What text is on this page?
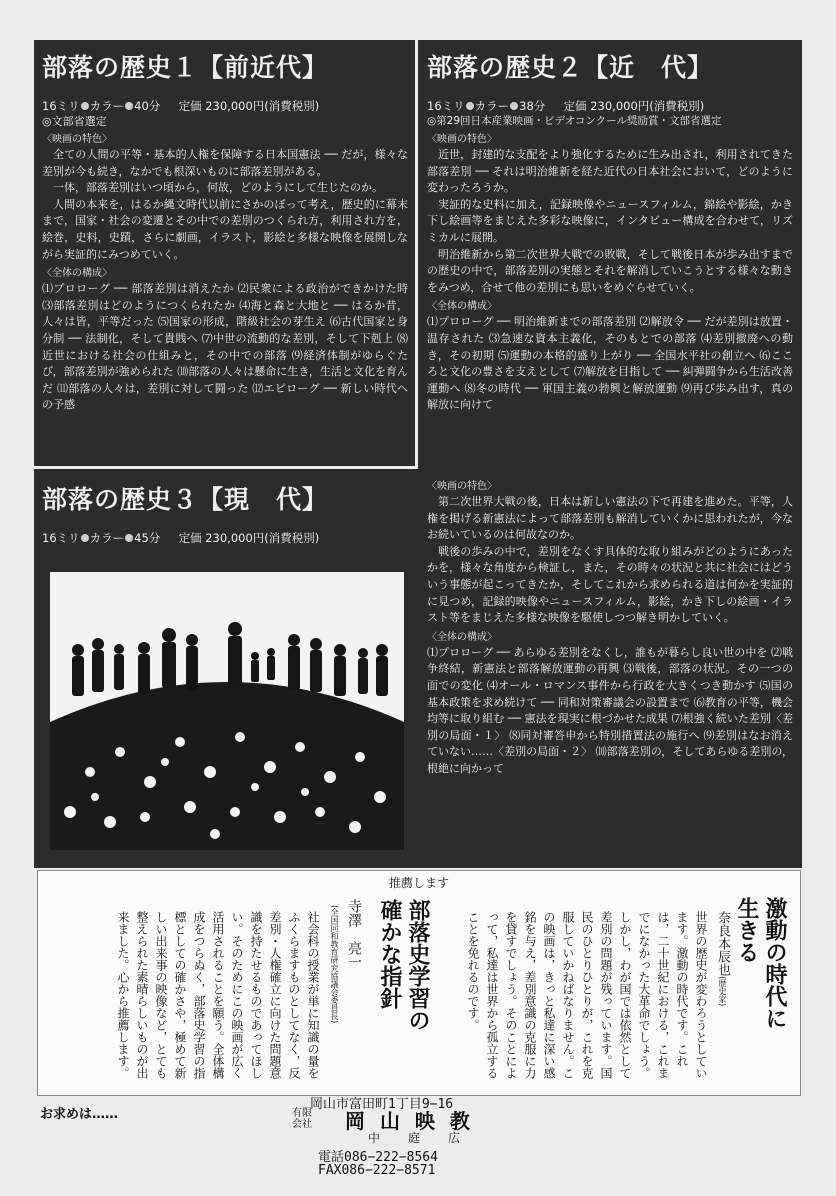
部落の歴史１【前近代】
16ミリ カラー 40分 定価 230,000円(消費税別)
◎文部省選定
〈映画の特色〉
全ての人間の平等・基本的人権を保障する日本国憲法 ── だが，様々な差別が今も続き，なかでも根深いものに部落差別がある。
一体，部落差別はいつ頃から，何故，どのようにして生じたのか。
人間の本来を，はるか縄文時代以前にさかのぼって考え，歴史的に幕末まで，国家・社会の変遷とその中での差別のつくられ方，利用され方を，絵巻，史料，史蹟，さらに劇画，イラスト，影絵と多様な映像を展開しながら実証的にみつめていく。
〈全体の構成〉
⑴プロローグ ── 部落差別は消えたか ⑵民衆による政治ができかけた時 ⑶部落差別はどのようにつくられたか ⑷海と森と大地と ── はるか昔，人々は皆，平等だった ⑸国家の形成，階級社会の芽生え ⑹古代国家と身分制 ── 法制化，そして貴賎へ ⑺中世の流動的な差別，そして下剋上 ⑻近世における社会の仕組みと，その中での部落 ⑼経済体制がゆらぐたび，部落差別が強められた ⑽部落の人々は懸命に生き，生活と文化を育んだ ⑾部落の人々は，差別に対して闘った ⑿エピローグ ── 新しい時代への予感
部落の歴史２【近　代】
16ミリ カラー 38分 定価 230,000円(消費税別)
◎第29回日本産業映画・ビデオコンクール奨励賞・文部省選定
〈映画の特色〉
近世，封建的な支配をより強化するために生み出され，利用されてきた部落差別 ── それは明治維新を経た近代の日本社会において，どのように変わったろうか。
実証的な史料に加え，記録映像やニュースフィルム，錦絵や影絵，かき下し絵画等をまじえた多彩な映像に，インタビュー構成を合わせて，リズミカルに展開。
明治維新から第二次世界大戦での敗戦，そして戦後日本が歩み出すまでの歴史の中で，部落差別の実態とそれを解消していこうとする様々な動きをみつめ，合せて他の差別にも思いをめぐらせていく。
〈全体の構成〉
⑴プロローグ ── 明治維新までの部落差別 ⑵解放令 ── だが差別は放置・温存された ⑶急速な資本主義化，そのもとでの部落 ⑷差別撤廃への動き，その初期 ⑸運動の本格的盛り上がり ── 全国水平社の創立へ ⑹こころと文化の豊さを支えとして ⑺解放を目指して ── 糾弾闘争から生活改善運動へ ⑻冬の時代 ── 軍国主義の勃興と解放運動 ⑼再び歩み出す，真の解放に向けて
部落の歴史３【現　代】
16ミリ カラー 45分 定価 230,000円(消費税別)
〈映画の特色〉
第二次世界大戦の後，日本は新しい憲法の下で再建を進めた。平等，人権を掲げる新憲法によって部落差別も解消していくかに思われたが，今なお続いているのは何故なのか。
戦後の歩みの中で，差別をなくす具体的な取り組みがどのようにあったかを，様々な角度から検証し，また，その時々の状況と共に社会にはどういう事態が起こってきたか，そしてこれから求められる道は何かを実証的に見つめ，記録的映像やニュースフィルム，影絵，かき下しの絵画・イラスト等をまじえた多様な映像を駆使しつつ解き明かしていく。
〈全体の構成〉
⑴プロローグ ── あらゆる差別をなくし，誰もが暮らし良い世の中を ⑵戦争終結，新憲法と部落解放運動の再興 ⑶戦後，部落の状況。その一つの面での変化 ⑷オール・ロマンス事件から行政を大きくつき動かす ⑸国の基本政策を求め続けて ── 同和対策審議会の設置まで ⑹教育の平等，機会均等に取り組む ── 憲法を現実に根づかせた成果 ⑺根強く続いた差別〈差別の局面・１〉 ⑻同対審答申から特別措置法の施行へ ⑼差別はなお消えていない……〈差別の局面・２〉 ⑽部落差別の，そしてあらゆる差別の，根絶に向かって
推薦します
激動の時代に
生きる
奈良本辰也(歴史家)
世界の歴史が変わろうとしています。激動の時代です。これは，二十世紀における，これまでになかった大革命でしょう。しかし，わが国では依然として差別の問題が残っています。国民のひとりひとりが，これを克服していかねばなりません。この映画は，きっと私達に深い感銘を与え，差別意識の克服に力を貸すでしょう。そのことによって，私達は世界から孤立することを免れるのです。
部落史学習の
確かな指針
寺澤　亮一
(全国同和教育研究協議会委員長)
社会科の授業が単に知識の量をふくらますものとしてなく，反差別・人権確立に向けた問題意識を持たせるものであってほしい。そのためにこの映画が広く活用されることを願う。全体構成をつらぬく，部落史学習の指標としての確かさや，極めて新しい出来事の映像など，とても整えられた素晴らしいものが出来ました。心から推薦します。
お求めは……
岡山市富田町1丁目9−16
有限
会社 岡 山 映 教
中　庭　広
電話086−222−8564
FAX086−222−8571
